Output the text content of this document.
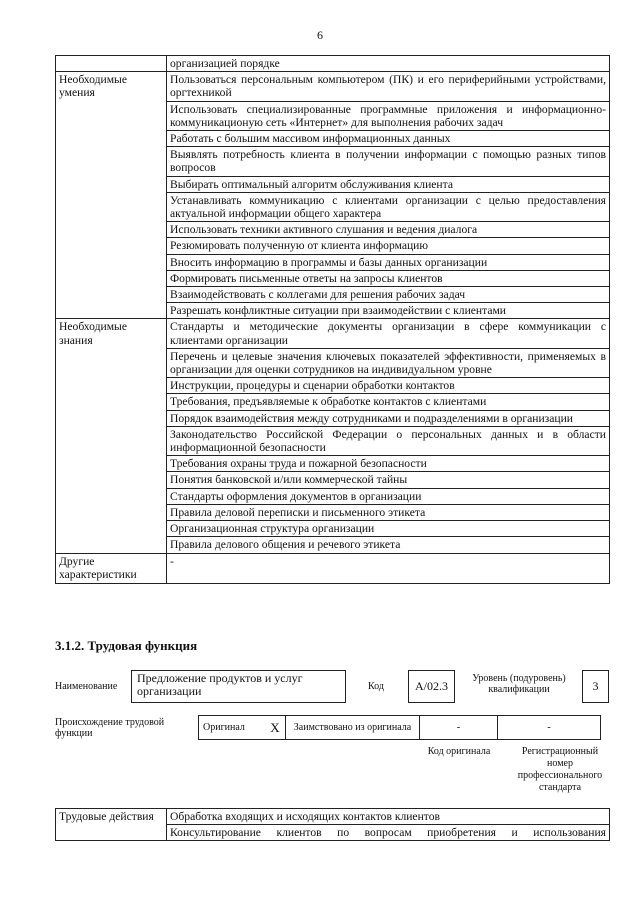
6
	организацией порядке
Необходимые умения	Пользоваться персональным компьютером (ПК) и его периферийными устройствами, оргтехникой
	Использовать специализированные программные приложения и информационно-коммуникационую сеть «Интернет» для выполнения рабочих задач
	Работать с большим массивом информационных данных
	Выявлять потребность клиента в получении информации с помощью разных типов вопросов
	Выбирать оптимальный алгоритм обслуживания клиента
	Устанавливать коммуникацию с клиентами организации с целью предоставления актуальной информации общего характера
	Использовать техники активного слушания и ведения диалога
	Резюмировать полученную от клиента информацию
	Вносить информацию в программы и базы данных организации
	Формировать письменные ответы на запросы клиентов
	Взаимодействовать с коллегами для решения рабочих задач
	Разрешать конфликтные ситуации при взаимодействии с клиентами
Необходимые знания	Стандарты и методические документы организации в сфере коммуникации с клиентами организации
	Перечень и целевые значения ключевых показателей эффективности, применяемых в организации для оценки сотрудников на индивидуальном уровне
	Инструкции, процедуры и сценарии обработки контактов
	Требования, предъявляемые к обработке контактов с клиентами
	Порядок взаимодействия между сотрудниками и подразделениями в организации
	Законодательство Российской Федерации о персональных данных и в области информационной безопасности
	Требования охраны труда и пожарной безопасности
	Понятия банковской и/или коммерческой тайны
	Стандарты оформления документов в организации
	Правила деловой переписки и письменного этикета
	Организационная структура организации
	Правила делового общения и речевого этикета
Другие характеристики	-
3.1.2. Трудовая функция
Наименование
Предложение продуктов и услуг организации	Код	A/02.3
Уровень (подуровень) квалификации	3
Происхождение трудовой функции
Оригинал	X	Заимствовано из оригинала	-	-
Код оригинала	Регистрационный номер профессионального стандарта
Трудовые действия	Обработка входящих и исходящих контактов клиентов
Консультирование клиентов по вопросам приобретения и использования
